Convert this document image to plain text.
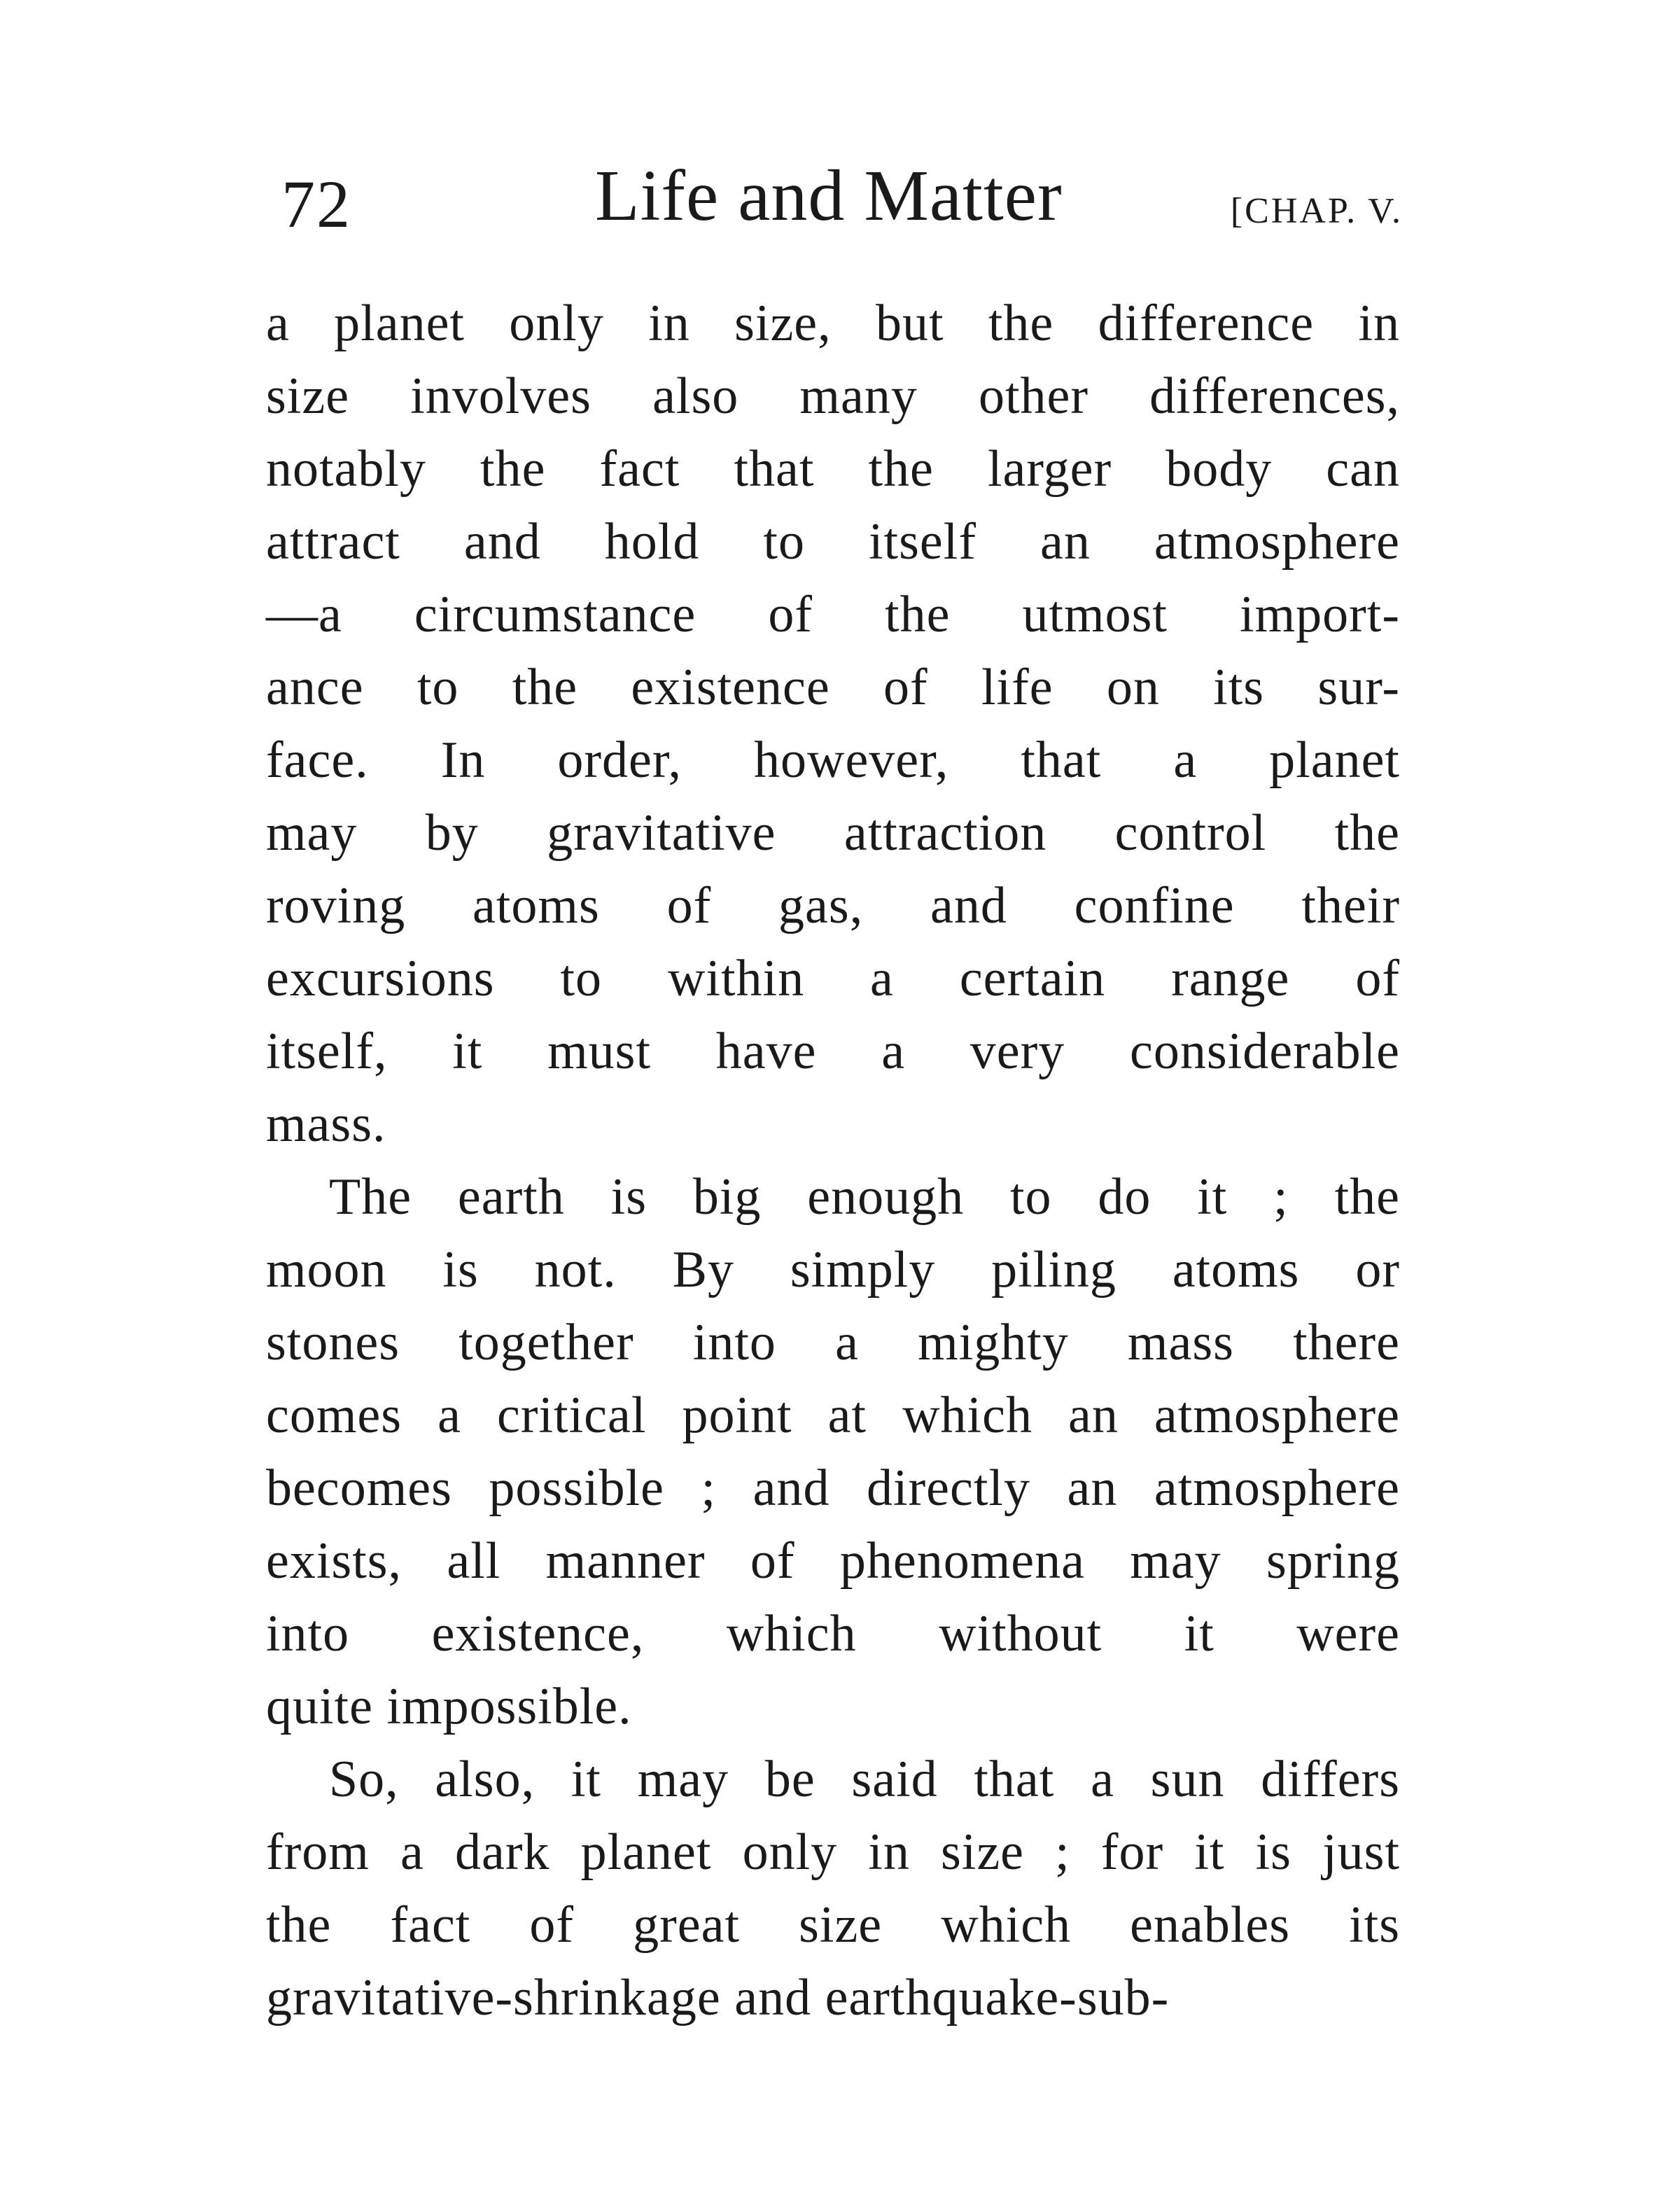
72	Life and Matter	[CHAP. V.
a planet only in size, but the difference in
size involves also many other differences,
notably the fact that the larger body can
attract and hold to itself an atmosphere
—a circumstance of the utmost import-
ance to the existence of life on its sur-
face. In order, however, that a planet
may by gravitative attraction control the
roving atoms of gas, and confine their
excursions to within a certain range of
itself, it must have a very considerable
mass.
The earth is big enough to do it ; the
moon is not. By simply piling atoms or
stones together into a mighty mass there
comes a critical point at which an atmosphere
becomes possible ; and directly an atmosphere
exists, all manner of phenomena may spring
into existence, which without it were
quite impossible.
So, also, it may be said that a sun differs
from a dark planet only in size ; for it is just
the fact of great size which enables its
gravitative-shrinkage and earthquake-sub-
